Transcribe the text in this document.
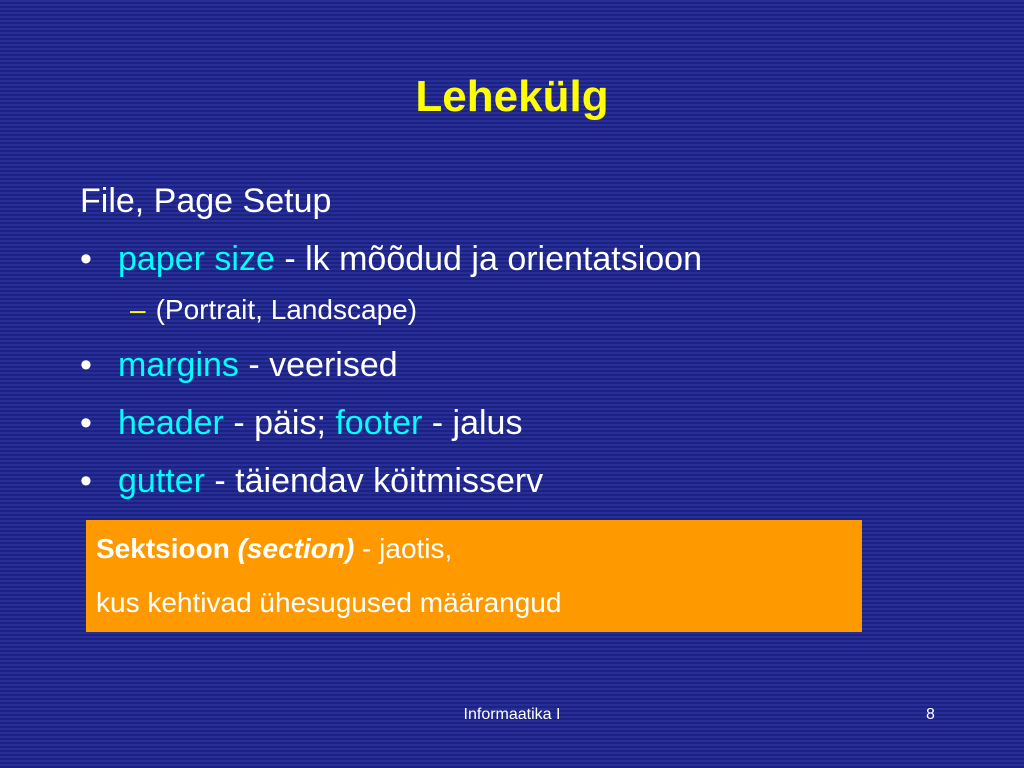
Lehekülg
File, Page Setup
• paper size - lk mõõdud ja orientatsioon
– (Portrait, Landscape)
• margins - veerised
• header - päis; footer - jalus
• gutter - täiendav köitmisserv
Sektsioon (section) - jaotis,
kus kehtivad ühesugused määrangud
Informaatika I	8
